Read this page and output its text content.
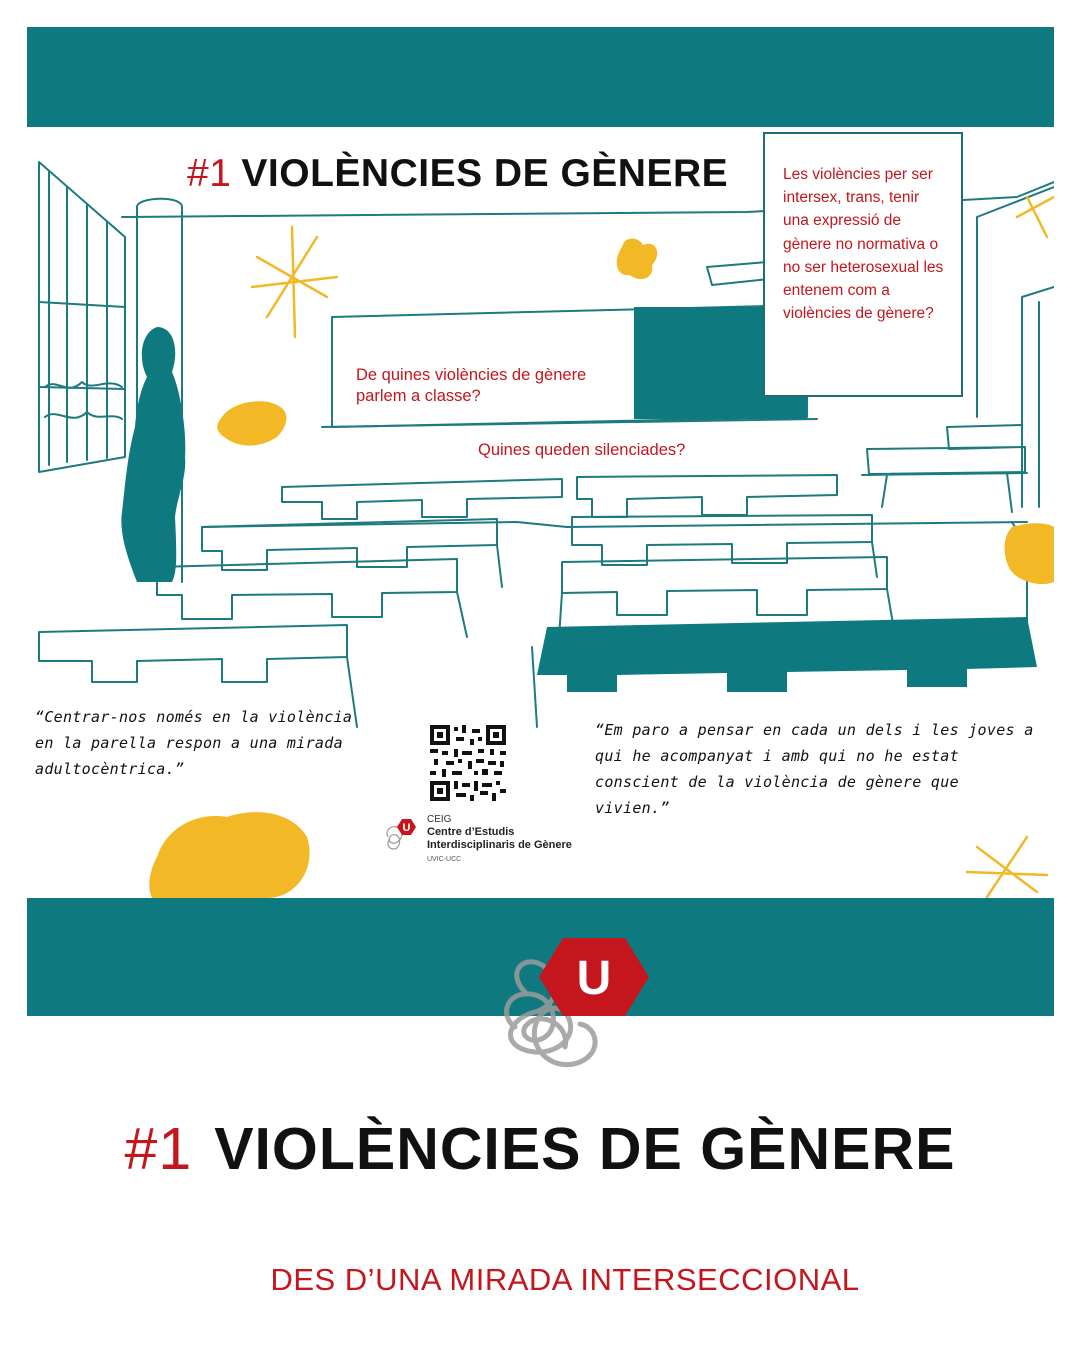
#1 VIOLÈNCIES DE GÈNERE
De quines violències de gènere parlem a classe?
Quines queden silenciades?
Les violències per ser intersex, trans, tenir una expressió de gènere no normativa o no ser heterosexual les entenem com a violències de gènere?
“Centrar-nos només en la violència en la parella respon a una mirada adultocèntrica.”
“Em paro a pensar en cada un dels i les joves a qui he acompanyat i amb qui no he estat conscient de la violència de gènere que vivien.”
U
CEIG
Centre d’Estudis
Interdisciplinaris de Gènere
UVIC-UCC
U
#1 VIOLÈNCIES DE GÈNERE
DES D’UNA MIRADA INTERSECCIONAL
